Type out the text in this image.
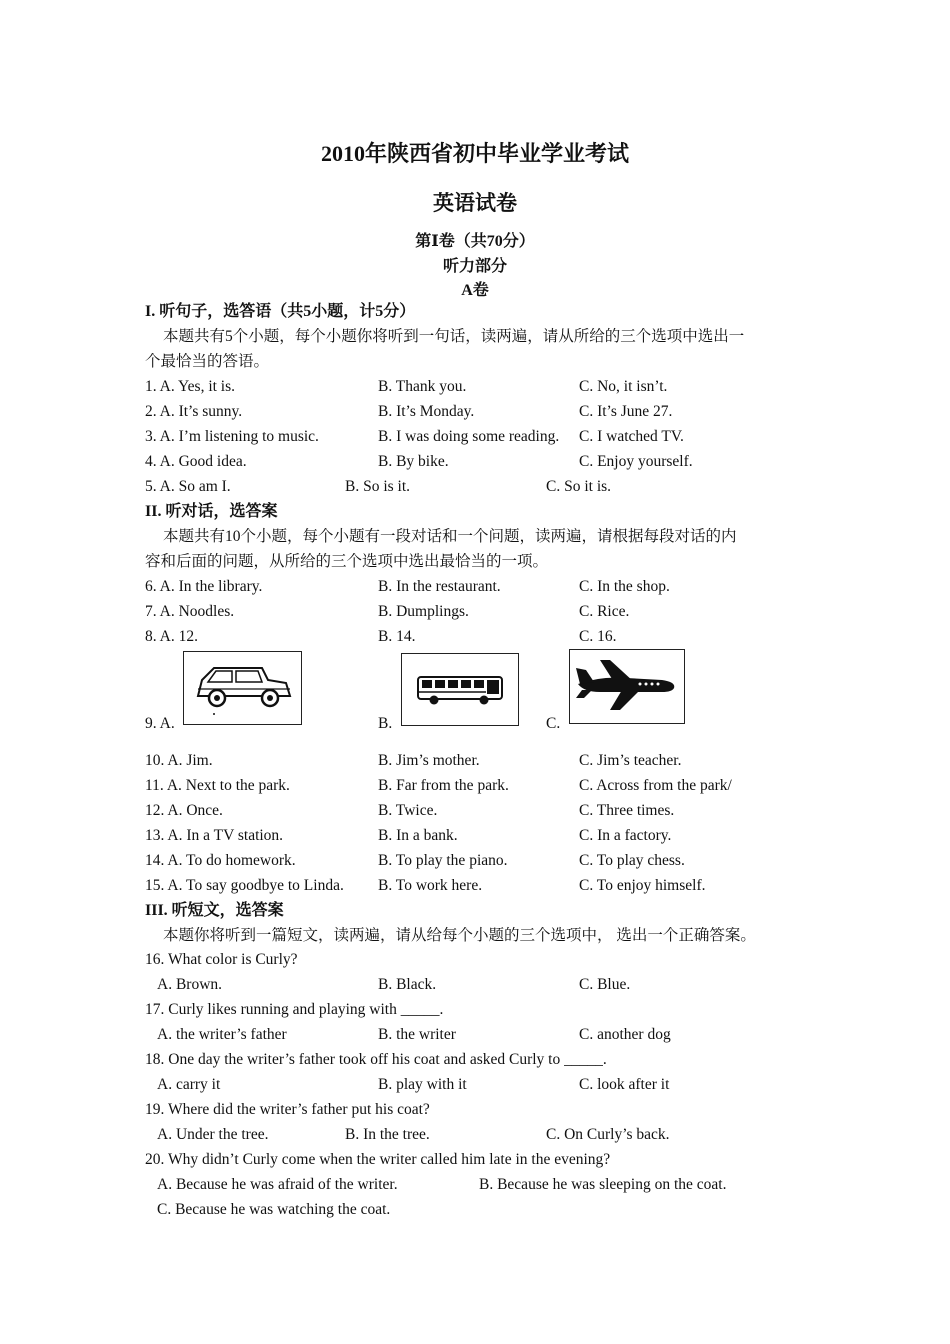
2010年陕西省初中毕业学业考试
英语试卷
第Ⅰ卷（共70分）
听力部分
A卷
I. 听句子，选答语（共5小题，计5分）
本题共有5个小题，每个小题你将听到一句话，读两遍，请从所给的三个选项中选出一
个最恰当的答语。
1. A. Yes, it is.	B. Thank you.	C. No, it isn’t.
2. A. It’s sunny.	B. It’s Monday.	C. It’s June 27.
3. A. I’m listening to music.	B. I was doing some reading. C. I watched TV.
4. A. Good idea.	B. By bike.	C. Enjoy yourself.
5. A. So am I.	B. So is it.	C. So it is.
II. 听对话，选答案
本题共有10个小题，每个小题有一段对话和一个问题，读两遍，请根据每段对话的内
容和后面的问题，从所给的三个选项中选出最恰当的一项。
6. A. In the library.	B. In the restaurant.	C. In the shop.
7. A. Noodles.	B. Dumplings.	C. Rice.
8. A. 12.	B. 14.	C. 16.
9. A.	B.	C.
10. A. Jim.	B. Jim’s mother.	C. Jim’s teacher.
11. A. Next to the park.	B. Far from the park.	C. Across from the park/
12. A. Once.	B. Twice.	C. Three times.
13. A. In a TV station.	B. In a bank.	C. In a factory.
14. A. To do homework.	B. To play the piano.	C. To play chess.
15. A. To say goodbye to Linda. B. To work here.	C. To enjoy himself.
III. 听短文，选答案
本题你将听到一篇短文，读两遍，请从给每个小题的三个选项中， 选出一个正确答案。
16. What color is Curly?
A. Brown.	B. Black.	C. Blue.
17. Curly likes running and playing with _____.
A. the writer’s father	B. the writer	C. another dog
18. One day the writer’s father took off his coat and asked Curly to _____.
A. carry it	B. play with it	C. look after it
19. Where did the writer’s father put his coat?
A. Under the tree.	B. In the tree.	C. On Curly’s back.
20. Why didn’t Curly come when the writer called him late in the evening?
A. Because he was afraid of the writer.	B. Because he was sleeping on the coat.
C. Because he was watching the coat.
